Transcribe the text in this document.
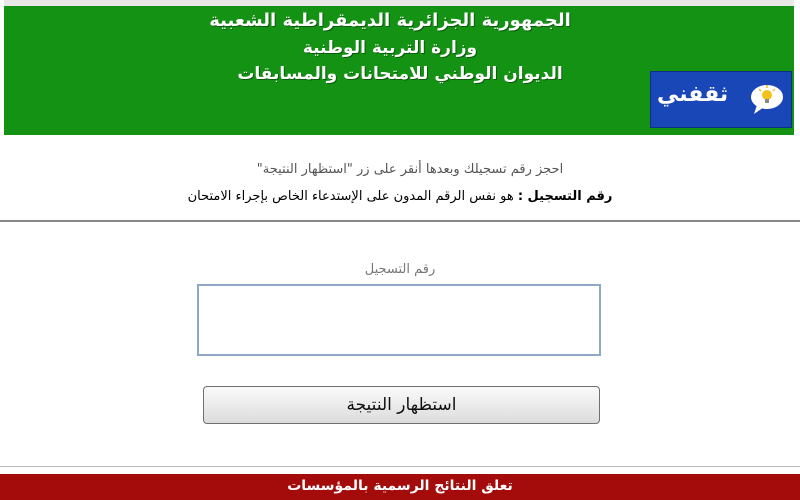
الجمهورية الجزائرية الديمقراطية الشعبية
وزارة التربية الوطنية
الديوان الوطني للامتحانات والمسابقات
ثقفني
احجز رقم تسجيلك وبعدها أنقر على زر "استظهار النتيجة"
رقم التسجيل : هو نفس الرقم المدون على الإستدعاء الخاص بإجراء الامتحان
رقم التسجيل
استظهار النتيجة
تعلق النتائج الرسمية بالمؤسسات
